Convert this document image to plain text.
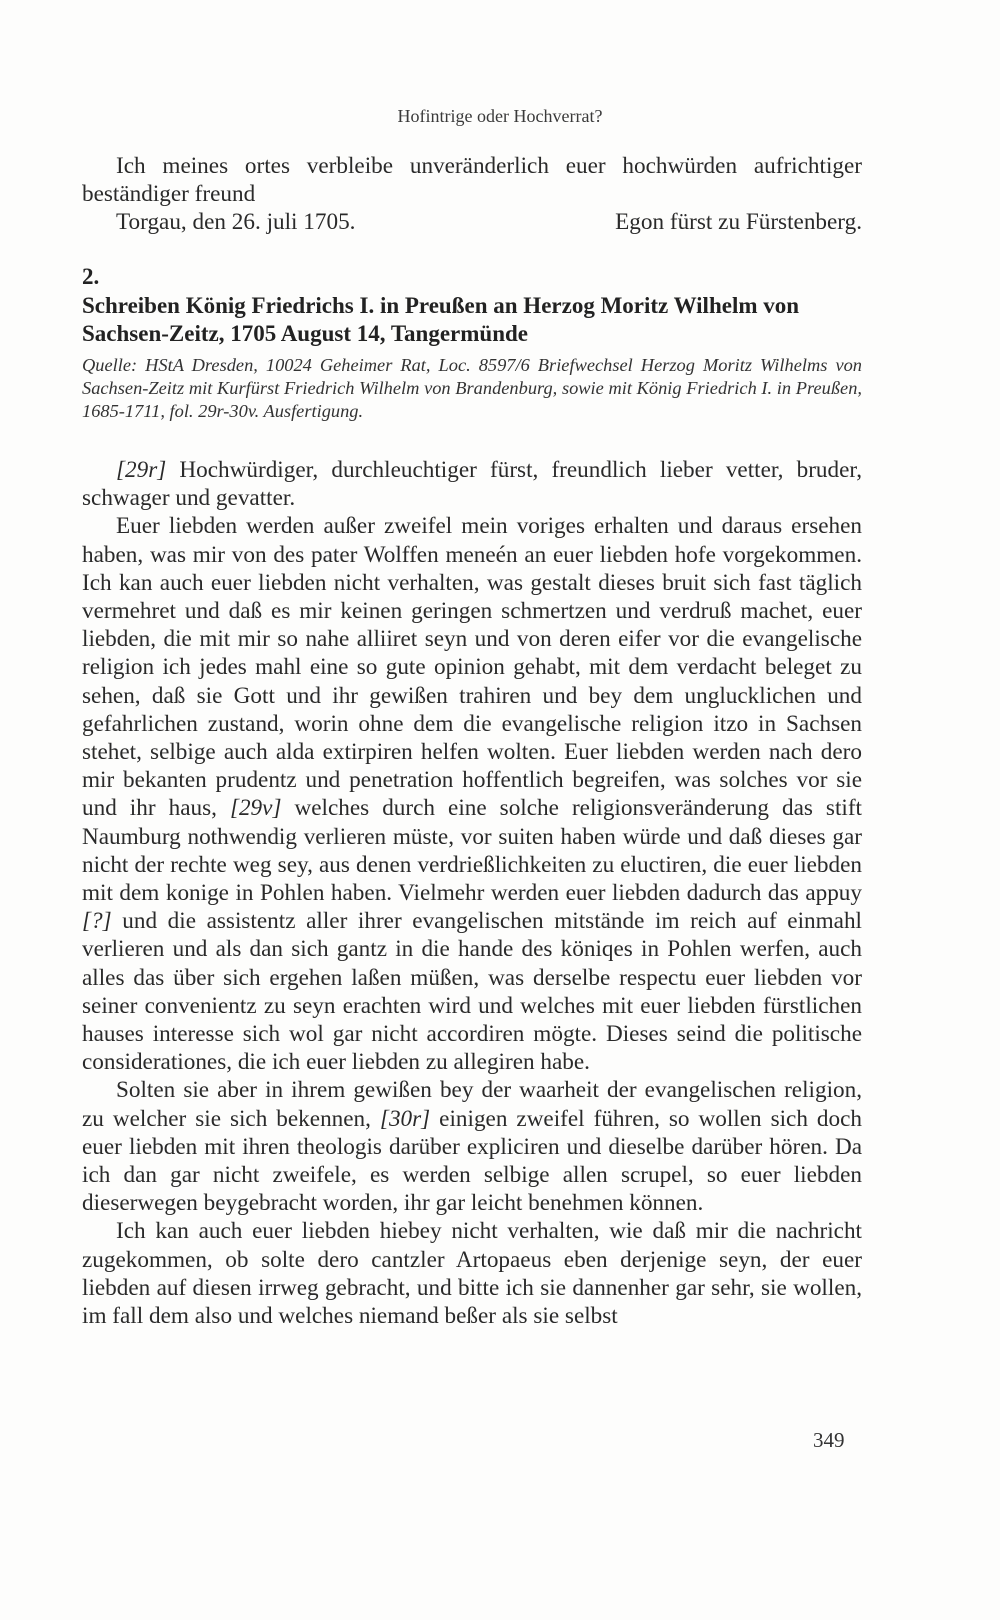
Hofintrige oder Hochverrat?

Ich meines ortes verbleibe unveränderlich euer hochwürden aufrichtiger beständiger freund

Torgau, den 26. juli 1705.	Egon fürst zu Fürstenberg.
2.
Schreiben König Friedrichs I. in Preußen an Herzog Moritz Wilhelm von Sachsen-Zeitz, 1705 August 14, Tangermünde
Quelle: HStA Dresden, 10024 Geheimer Rat, Loc. 8597/6 Briefwechsel Herzog Moritz Wilhelms von Sachsen-Zeitz mit Kurfürst Friedrich Wilhelm von Brandenburg, sowie mit König Friedrich I. in Preußen, 1685-1711, fol. 29r-30v. Ausfertigung.

[29r] Hochwürdiger, durchleuchtiger fürst, freundlich lieber vetter, bruder, schwager und gevatter.

Euer liebden werden außer zweifel mein voriges erhalten und daraus ersehen haben, was mir von des pater Wolffen meneén an euer liebden hofe vorgekommen. Ich kan auch euer liebden nicht verhalten, was gestalt dieses bruit sich fast täglich vermehret und daß es mir keinen geringen schmertzen und verdruß machet, euer liebden, die mit mir so nahe alliiret seyn und von deren eifer vor die evangelische religion ich jedes mahl eine so gute opinion gehabt, mit dem verdacht beleget zu sehen, daß sie Gott und ihr gewißen trahiren und bey dem unglucklichen und gefahrlichen zustand, worin ohne dem die evangelische religion itzo in Sachsen stehet, selbige auch alda extirpiren helfen wolten. Euer liebden werden nach dero mir bekanten prudentz und penetration hoffentlich begreifen, was solches vor sie und ihr haus, [29v] welches durch eine solche religionsveränderung das stift Naumburg nothwendig verlieren müste, vor suiten haben würde und daß dieses gar nicht der rechte weg sey, aus denen verdrießlichkeiten zu eluctiren, die euer liebden mit dem konige in Pohlen haben. Vielmehr werden euer liebden dadurch das appuy [?] und die assistentz aller ihrer evangelischen mitstände im reich auf einmahl verlieren und als dan sich gantz in die hande des köniqes in Pohlen werfen, auch alles das über sich ergehen laßen müßen, was derselbe respectu euer liebden vor seiner convenientz zu seyn erachten wird und welches mit euer liebden fürstlichen hauses interesse sich wol gar nicht accordiren mögte. Dieses seind die politische considerationes, die ich euer liebden zu allegiren habe.

Solten sie aber in ihrem gewißen bey der waarheit der evangelischen religion, zu welcher sie sich bekennen, [30r] einigen zweifel führen, so wollen sich doch euer liebden mit ihren theologis darüber expliciren und dieselbe darüber hören. Da ich dan gar nicht zweifele, es werden selbige allen scrupel, so euer liebden dieserwegen beygebracht worden, ihr gar leicht benehmen können.

Ich kan auch euer liebden hiebey nicht verhalten, wie daß mir die nachricht zugekommen, ob solte dero cantzler Artopaeus eben derjenige seyn, der euer liebden auf diesen irrweg gebracht, und bitte ich sie dannenher gar sehr, sie wollen, im fall dem also und welches niemand beßer als sie selbst

349
